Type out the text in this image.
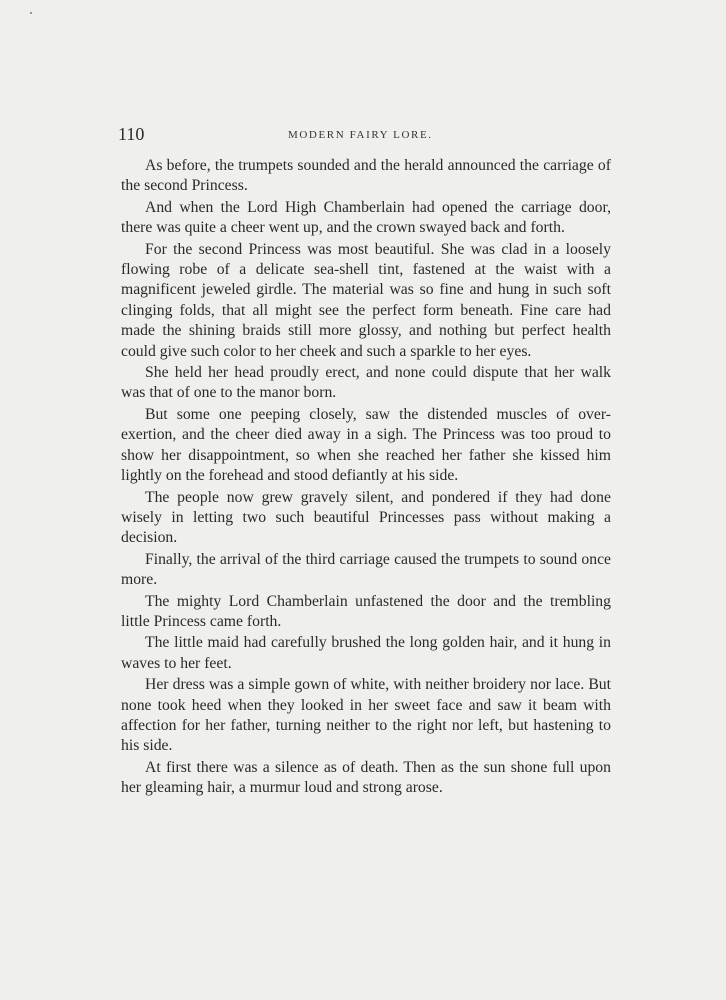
110	MODERN FAIRY LORE.

As before, the trumpets sounded and the herald announced the carriage of the second Princess.

And when the Lord High Chamberlain had opened the carriage door, there was quite a cheer went up, and the crown swayed back and forth.

For the second Princess was most beautiful. She was clad in a loosely flowing robe of a delicate sea-shell tint, fastened at the waist with a magnificent jeweled girdle. The material was so fine and hung in such soft clinging folds, that all might see the perfect form beneath. Fine care had made the shining braids still more glossy, and nothing but perfect health could give such color to her cheek and such a sparkle to her eyes.

She held her head proudly erect, and none could dispute that her walk was that of one to the manor born.

But some one peeping closely, saw the distended muscles of over-exertion, and the cheer died away in a sigh. The Princess was too proud to show her disappointment, so when she reached her father she kissed him lightly on the forehead and stood defiantly at his side.

The people now grew gravely silent, and pondered if they had done wisely in letting two such beautiful Princesses pass without making a decision.

Finally, the arrival of the third carriage caused the trumpets to sound once more.

The mighty Lord Chamberlain unfastened the door and the trembling little Princess came forth.

The little maid had carefully brushed the long golden hair, and it hung in waves to her feet.

Her dress was a simple gown of white, with neither broidery nor lace. But none took heed when they looked in her sweet face and saw it beam with affection for her father, turning neither to the right nor left, but hastening to his side.

At first there was a silence as of death. Then as the sun shone full upon her gleaming hair, a murmur loud and strong arose.
